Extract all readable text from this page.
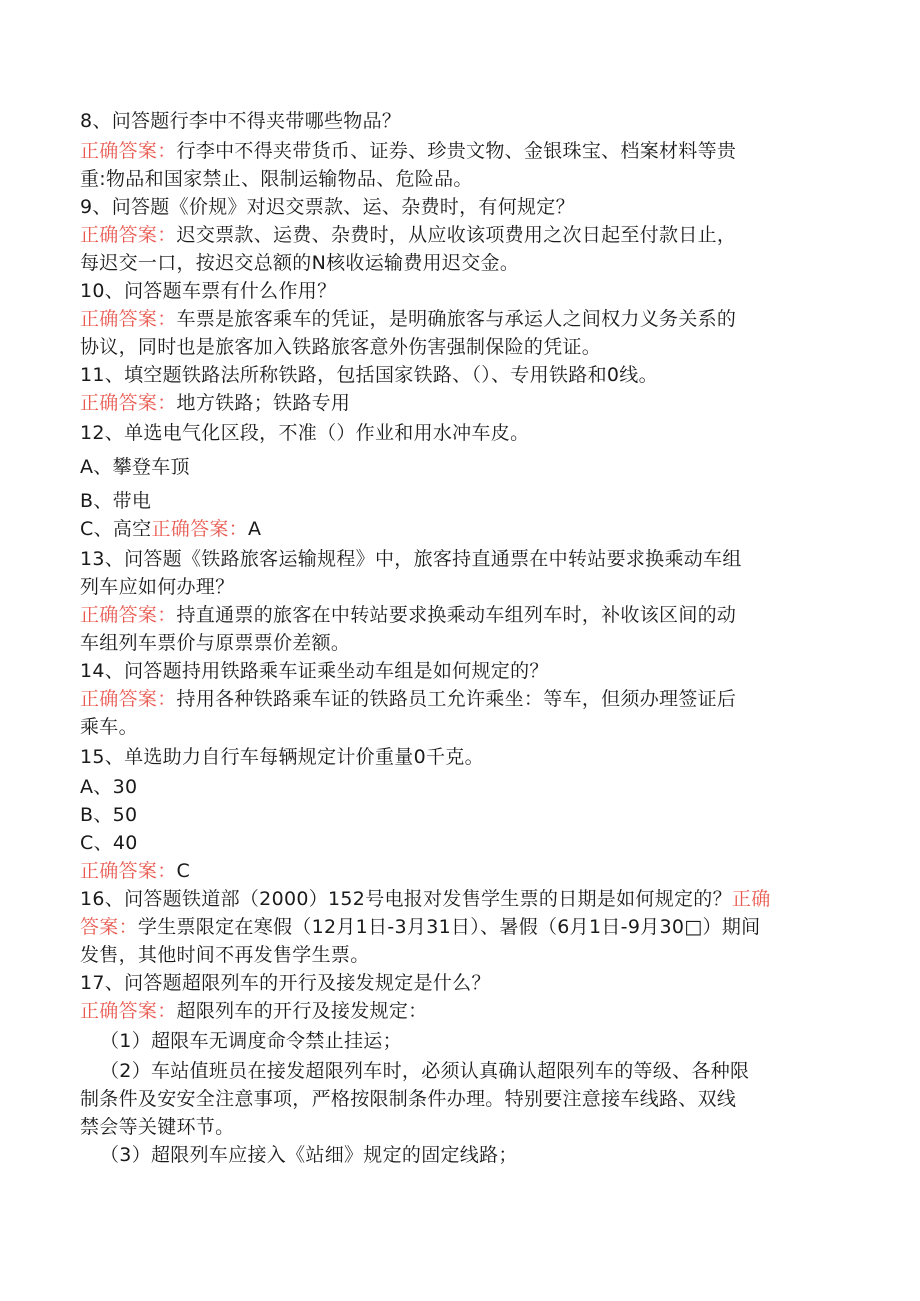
8、问答题行李中不得夹带哪些物品？
正确答案：行李中不得夹带货币、证券、珍贵文物、金银珠宝、档案材料等贵
重:物品和国家禁止、限制运输物品、危险品。
9、问答题《价规》对迟交票款、运、杂费时，有何规定？
正确答案：迟交票款、运费、杂费时，从应收该项费用之次日起至付款日止，
每迟交一口，按迟交总额的N核收运输费用迟交金。
10、问答题车票有什么作用？
正确答案：车票是旅客乘车的凭证，是明确旅客与承运人之间权力义务关系的
协议，同时也是旅客加入铁路旅客意外伤害强制保险的凭证。
11、填空题铁路法所称铁路，包括国家铁路、（）、专用铁路和0线。
正确答案：地方铁路；铁路专用
12、单选电气化区段，不准（）作业和用水冲车皮。
A、攀登车顶
B、带电
C、高空正确答案：A
13、问答题《铁路旅客运输规程》中，旅客持直通票在中转站要求换乘动车组
列车应如何办理？
正确答案：持直通票的旅客在中转站要求换乘动车组列车时，补收该区间的动
车组列车票价与原票票价差额。
14、问答题持用铁路乘车证乘坐动车组是如何规定的？
正确答案：持用各种铁路乘车证的铁路员工允许乘坐：等车，但须办理签证后
乘车。
15、单选助力自行车每辆规定计价重量0千克。
A、30
B、50
C、40
正确答案：C
16、问答题铁道部（2000）152号电报对发售学生票的日期是如何规定的？正确
答案：学生票限定在寒假（12月1日-3月31日）、暑假（6月1日-9月30□）期间
发售，其他时间不再发售学生票。
17、问答题超限列车的开行及接发规定是什么？
正确答案：超限列车的开行及接发规定：
（1）超限车无调度命令禁止挂运；
（2）车站值班员在接发超限列车时，必须认真确认超限列车的等级、各种限
制条件及安安全注意事项，严格按限制条件办理。特别要注意接车线路、双线
禁会等关键环节。
（3）超限列车应接入《站细》规定的固定线路；
